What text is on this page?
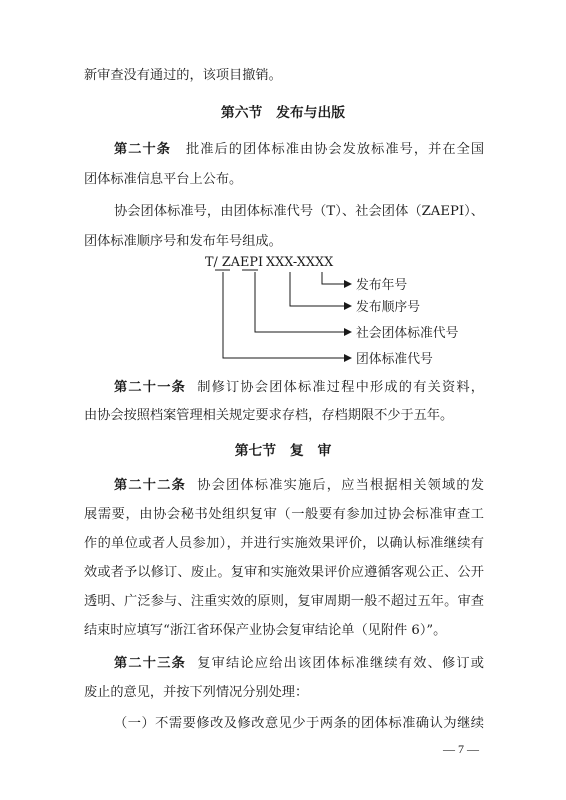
新审查没有通过的，该项目撤销。
第六节　发布与出版
第二十条 批准后的团体标准由协会发放标准号，并在全国
团体标准信息平台上公布。
协会团体标准号，由团体标准代号（T）、社会团体（ZAEPI）、
团体标准顺序号和发布年号组成。
T/ ZAEPI XXX-XXXX
发布年号
发布顺序号
社会团体标准代号
团体标准代号
第二十一条 制修订协会团体标准过程中形成的有关资料，
由协会按照档案管理相关规定要求存档，存档期限不少于五年。
第七节　复　审
第二十二条 协会团体标准实施后，应当根据相关领域的发
展需要，由协会秘书处组织复审（一般要有参加过协会标准审查工
作的单位或者人员参加），并进行实施效果评价，以确认标准继续有
效或者予以修订、废止。复审和实施效果评价应遵循客观公正、公开
透明、广泛参与、注重实效的原则，复审周期一般不超过五年。审查
结束时应填写“浙江省环保产业协会复审结论单（见附件 6）”。
第二十三条 复审结论应给出该团体标准继续有效、修订或
废止的意见，并按下列情况分别处理：
（一）不需要修改及修改意见少于两条的团体标准确认为继续
— 7 —
